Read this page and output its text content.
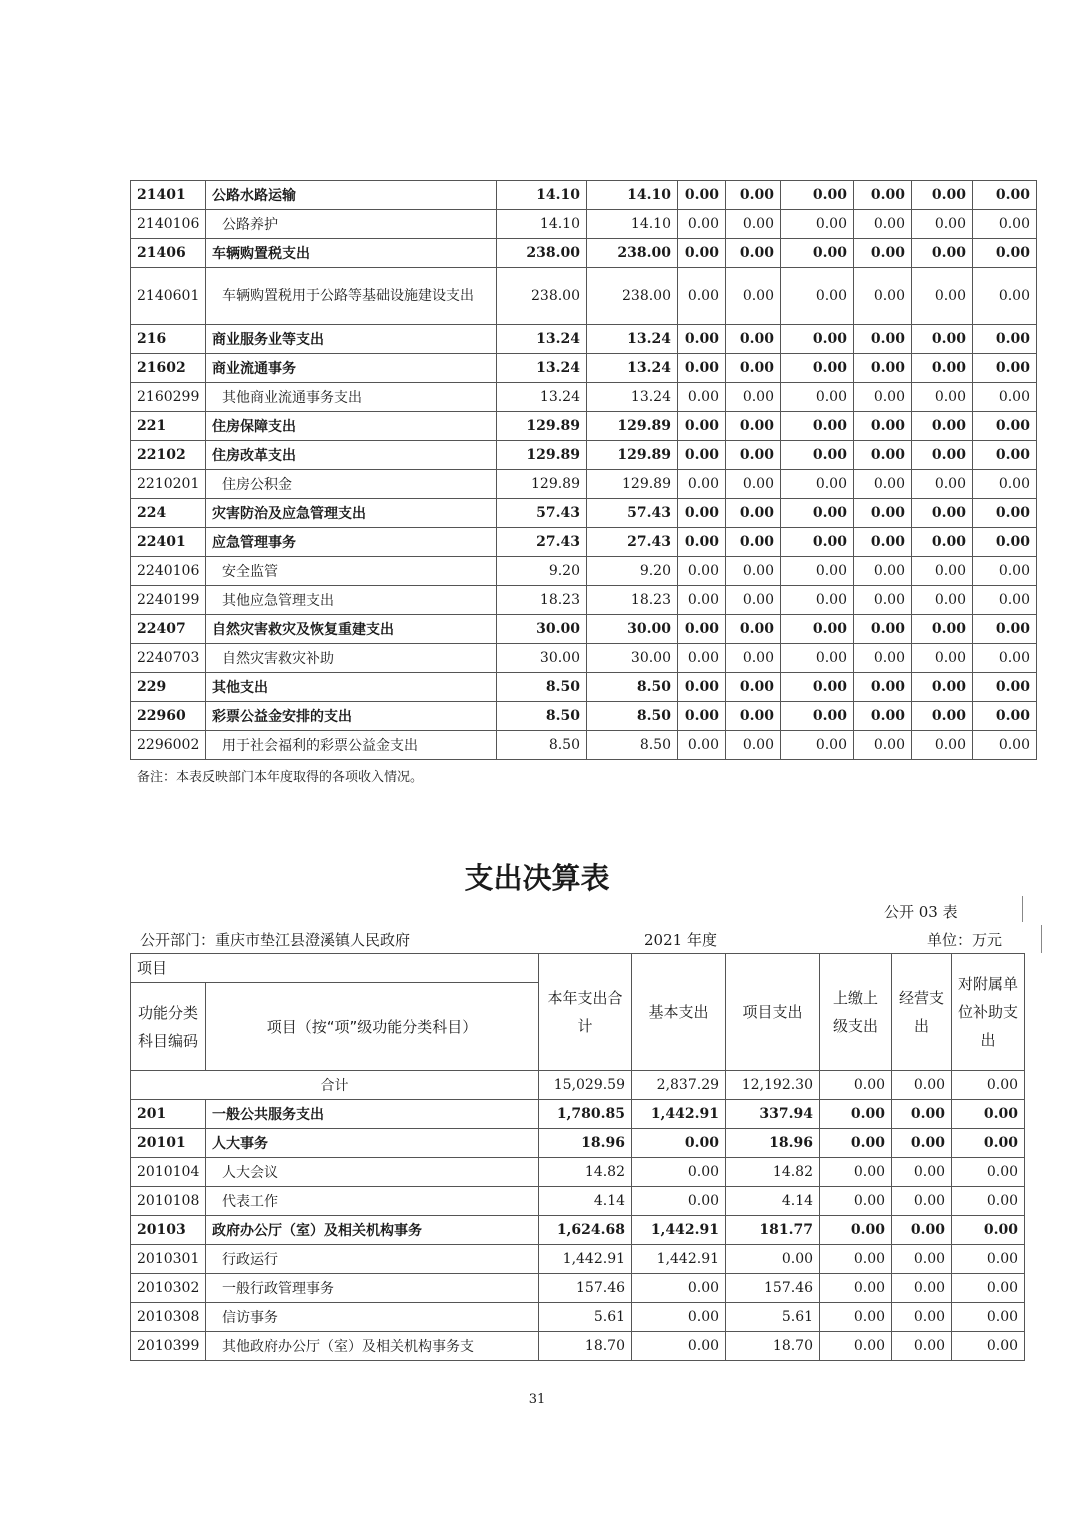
21401	公路水路运输	14.10	14.10	0.00	0.00	0.00	0.00	0.00	0.00
2140106	公路养护	14.10	14.10	0.00	0.00	0.00	0.00	0.00	0.00
21406	车辆购置税支出	238.00	238.00	0.00	0.00	0.00	0.00	0.00	0.00
2140601	车辆购置税用于公路等基础设施建设支出	238.00	238.00	0.00	0.00	0.00	0.00	0.00	0.00
216	商业服务业等支出	13.24	13.24	0.00	0.00	0.00	0.00	0.00	0.00
21602	商业流通事务	13.24	13.24	0.00	0.00	0.00	0.00	0.00	0.00
2160299	其他商业流通事务支出	13.24	13.24	0.00	0.00	0.00	0.00	0.00	0.00
221	住房保障支出	129.89	129.89	0.00	0.00	0.00	0.00	0.00	0.00
22102	住房改革支出	129.89	129.89	0.00	0.00	0.00	0.00	0.00	0.00
2210201	住房公积金	129.89	129.89	0.00	0.00	0.00	0.00	0.00	0.00
224	灾害防治及应急管理支出	57.43	57.43	0.00	0.00	0.00	0.00	0.00	0.00
22401	应急管理事务	27.43	27.43	0.00	0.00	0.00	0.00	0.00	0.00
2240106	安全监管	9.20	9.20	0.00	0.00	0.00	0.00	0.00	0.00
2240199	其他应急管理支出	18.23	18.23	0.00	0.00	0.00	0.00	0.00	0.00
22407	自然灾害救灾及恢复重建支出	30.00	30.00	0.00	0.00	0.00	0.00	0.00	0.00
2240703	自然灾害救灾补助	30.00	30.00	0.00	0.00	0.00	0.00	0.00	0.00
229	其他支出	8.50	8.50	0.00	0.00	0.00	0.00	0.00	0.00
22960	彩票公益金安排的支出	8.50	8.50	0.00	0.00	0.00	0.00	0.00	0.00
2296002	用于社会福利的彩票公益金支出	8.50	8.50	0.00	0.00	0.00	0.00	0.00	0.00
备注：本表反映部门本年度取得的各项收入情况。
支出决算表
公开 03 表
公开部门：重庆市垫江县澄溪镇人民政府	2021 年度	单位：万元
项目		本年支出合计	基本支出	项目支出	上缴上级支出	经营支出	对附属单位补助支出
功能分类科目编码	项目（按“项”级功能分类科目）						
合计		15,029.59	2,837.29	12,192.30	0.00	0.00	0.00
201	一般公共服务支出	1,780.85	1,442.91	337.94	0.00	0.00	0.00
20101	人大事务	18.96	0.00	18.96	0.00	0.00	0.00
2010104	人大会议	14.82	0.00	14.82	0.00	0.00	0.00
2010108	代表工作	4.14	0.00	4.14	0.00	0.00	0.00
20103	政府办公厅（室）及相关机构事务	1,624.68	1,442.91	181.77	0.00	0.00	0.00
2010301	行政运行	1,442.91	1,442.91	0.00	0.00	0.00	0.00
2010302	一般行政管理事务	157.46	0.00	157.46	0.00	0.00	0.00
2010308	信访事务	5.61	0.00	5.61	0.00	0.00	0.00
2010399	其他政府办公厅（室）及相关机构事务支	18.70	0.00	18.70	0.00	0.00	0.00
31
